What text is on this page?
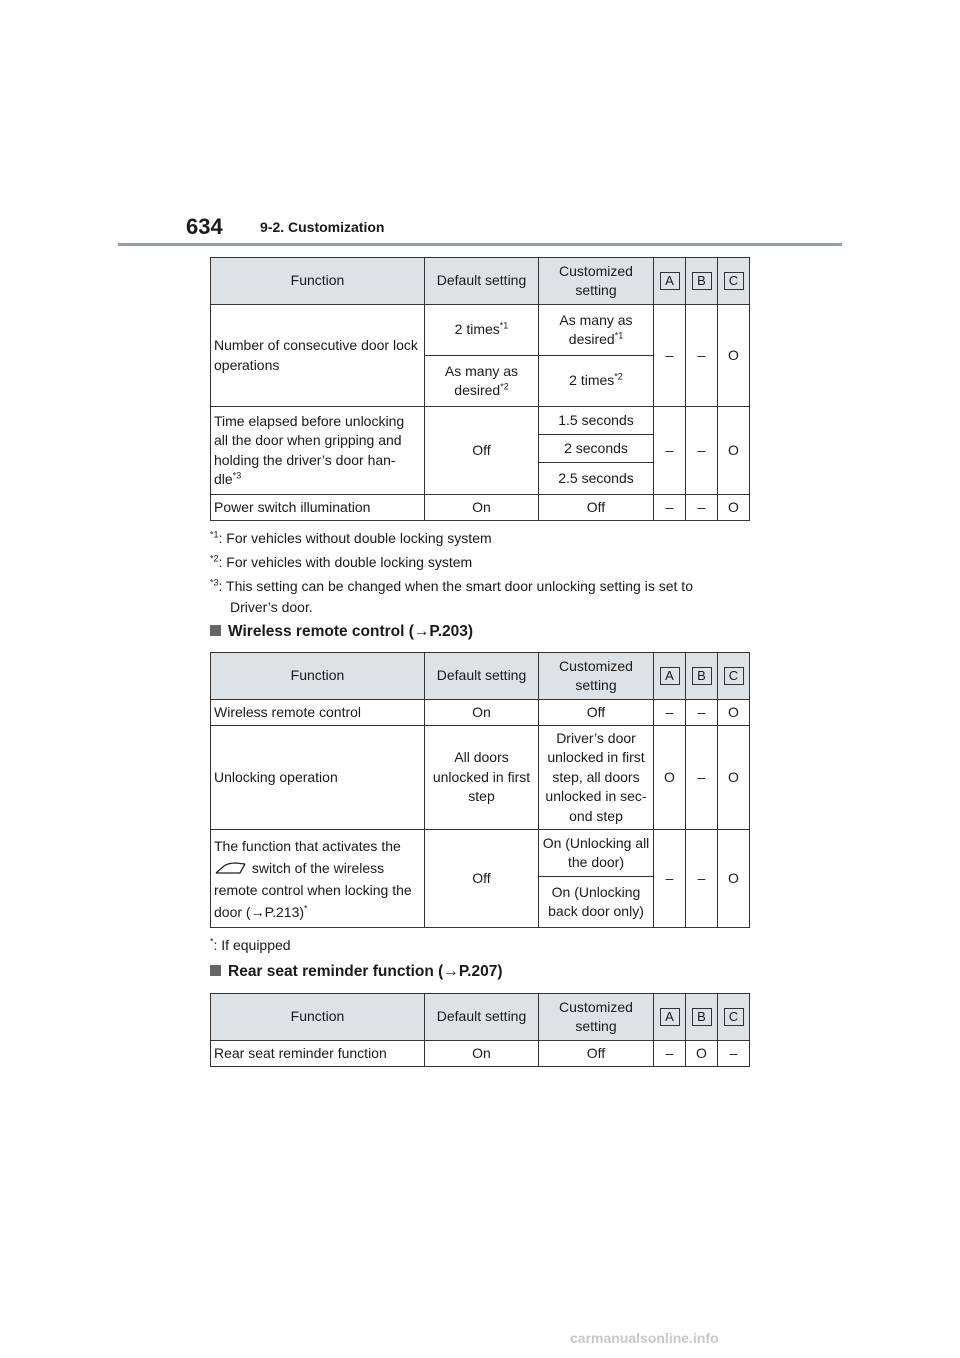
634	9-2. Customization
Function	Default setting	Customized setting	A	B	C
Number of consecutive door lock operations	2 times$^{*1}$	As many as desired$^{*1}$	–	–	O
	As many as desired$^{*2}$	2 times$^{*2}$
Time elapsed before unlocking all the door when gripping and holding the driver’s door han-dle$^{*3}$	Off	1.5 seconds	–	–	O
		2 seconds			
		2.5 seconds			
Power switch illumination	On	Off	–	–	O
$^{*1}$: For vehicles without double locking system
$^{*2}$: For vehicles with double locking system
$^{*3}$: This setting can be changed when the smart door unlocking setting is set to
Driver’s door.
Wireless remote control (→P.203)
Function	Default setting	Customized setting	A	B	C
Wireless remote control	On	Off	–	–	O
Unlocking operation	All doors unlocked in first step	Driver’s door unlocked in first step, all doors unlocked in sec-ond step	O	–	O
The function that activates the
switch of the wireless remote control when locking the door (→P.213)*	Off	On (Unlocking all the door)	–	–	O
		On (Unlocking back door only)			
*: If equipped
Rear seat reminder function (→P.207)
Function	Default setting	Customized setting	A	B	C
Rear seat reminder function	On	Off	–	O	–
carmanualsonline.info
